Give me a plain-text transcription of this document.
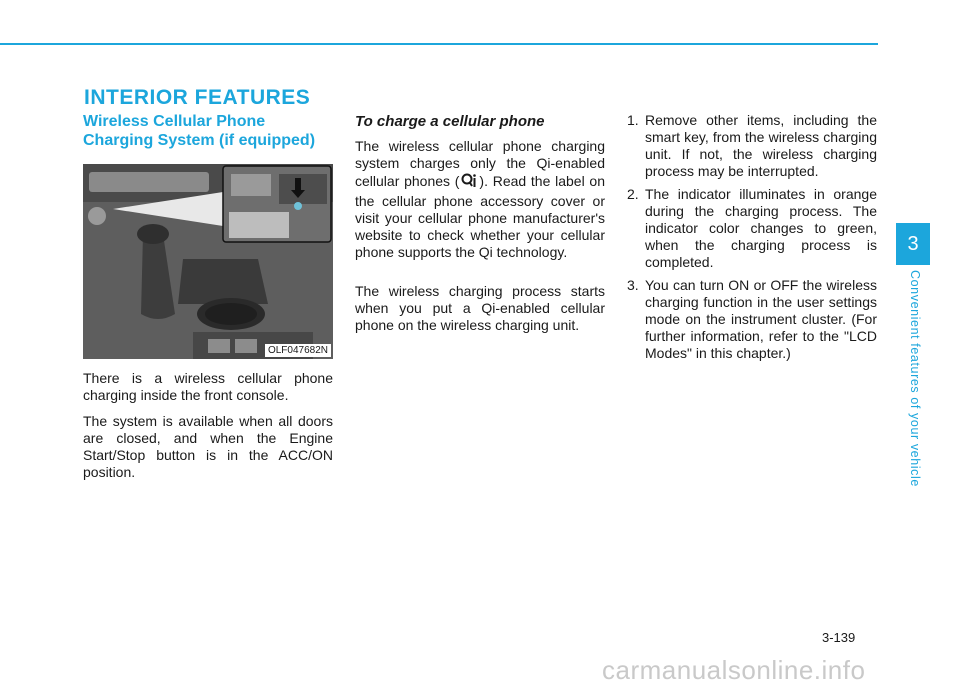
INTERIOR FEATURES
Wireless Cellular Phone Charging System (if equipped)
OLF047682N

There is a wireless cellular phone charging inside the front console.

The system is available when all doors are closed, and when the Engine Start/Stop button is in the ACC/ON position.

To charge a cellular phone

The wireless cellular phone charging system charges only the Qi-enabled cellular phones ( ). Read the label on the cellular phone accessory cover or visit your cellular phone manufacturer's website to check whether your cellular phone supports the Qi technology.

The wireless charging process starts when you put a Qi-enabled cellular phone on the wireless charging unit.

1. Remove other items, including the smart key, from the wireless charging unit. If not, the wireless charging process may be interrupted.
2. The indicator illuminates in orange during the charging process. The indicator color changes to green, when the charging process is completed.
3. You can turn ON or OFF the wireless charging function in the user settings mode on the instrument cluster. (For further information, refer to the "LCD Modes" in this chapter.)
3
Convenient features of your vehicle
3-139
carmanualsonline.info
